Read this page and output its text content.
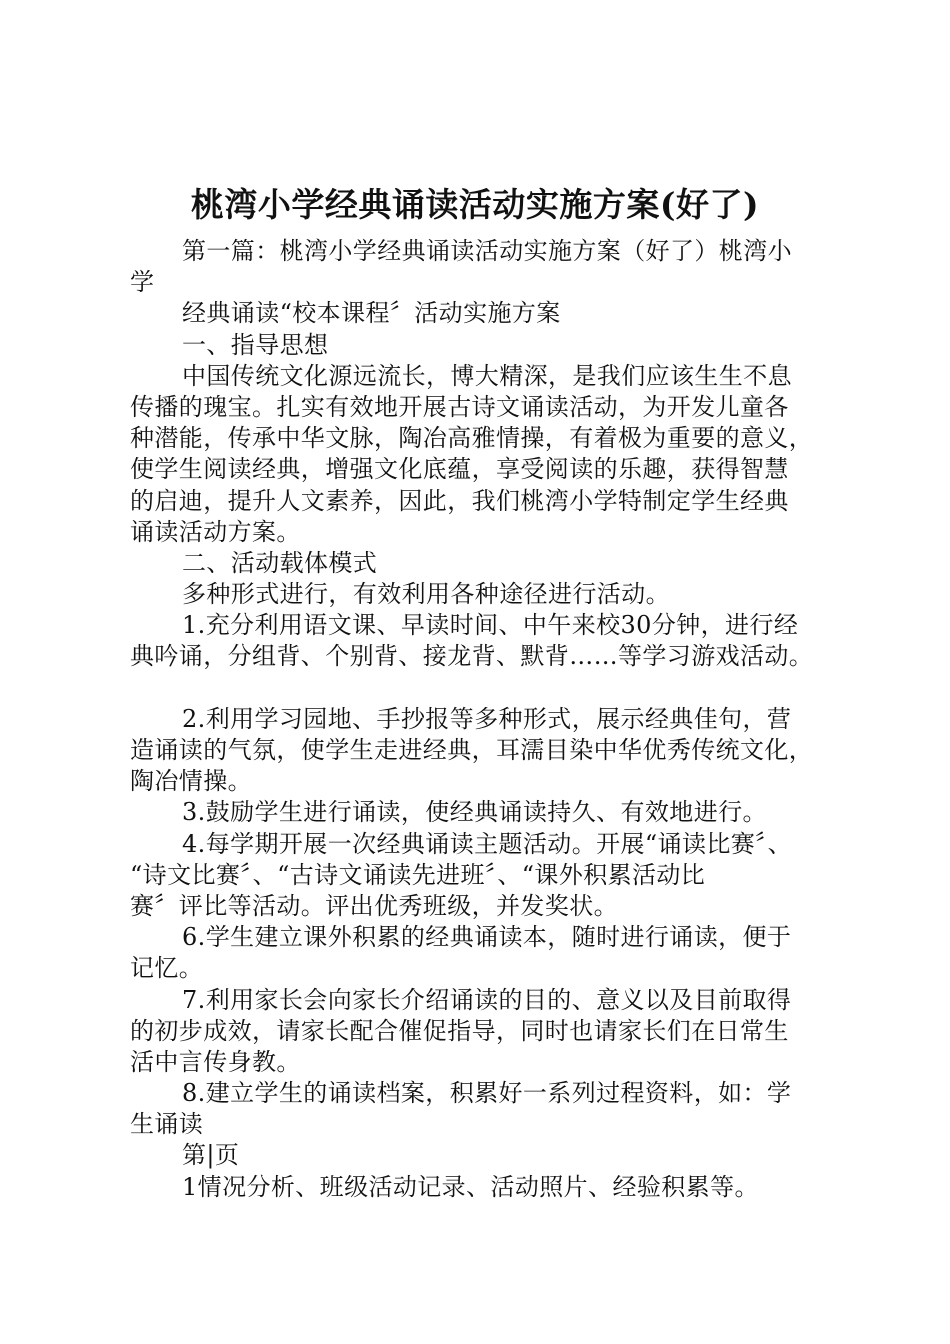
桃湾小学经典诵读活动实施方案(好了)
第一篇：桃湾小学经典诵读活动实施方案（好了）桃湾小
学
经典诵读“校本课程〞活动实施方案
一、指导思想
中国传统文化源远流长，博大精深，是我们应该生生不息
传播的瑰宝。扎实有效地开展古诗文诵读活动，为开发儿童各
种潜能，传承中华文脉，陶冶高雅情操，有着极为重要的意义，
使学生阅读经典，增强文化底蕴，享受阅读的乐趣，获得智慧
的启迪，提升人文素养，因此，我们桃湾小学特制定学生经典
诵读活动方案。
二、活动载体模式
多种形式进行，有效利用各种途径进行活动。
1.充分利用语文课、早读时间、中午来校30分钟，进行经
典吟诵，分组背、个别背、接龙背、默背……等学习游戏活动。
2.利用学习园地、手抄报等多种形式，展示经典佳句，营
造诵读的气氛，使学生走进经典，耳濡目染中华优秀传统文化，
陶冶情操。
3.鼓励学生进行诵读，使经典诵读持久、有效地进行。
4.每学期开展一次经典诵读主题活动。开展“诵读比赛〞、
“诗文比赛〞、“古诗文诵读先进班〞、“课外积累活动比
赛〞评比等活动。评出优秀班级，并发奖状。
6.学生建立课外积累的经典诵读本，随时进行诵读，便于
记忆。
7.利用家长会向家长介绍诵读的目的、意义以及目前取得
的初步成效，请家长配合催促指导，同时也请家长们在日常生
活中言传身教。
8.建立学生的诵读档案，积累好一系列过程资料，如：学
生诵读
第|页
1情况分析、班级活动记录、活动照片、经验积累等。
